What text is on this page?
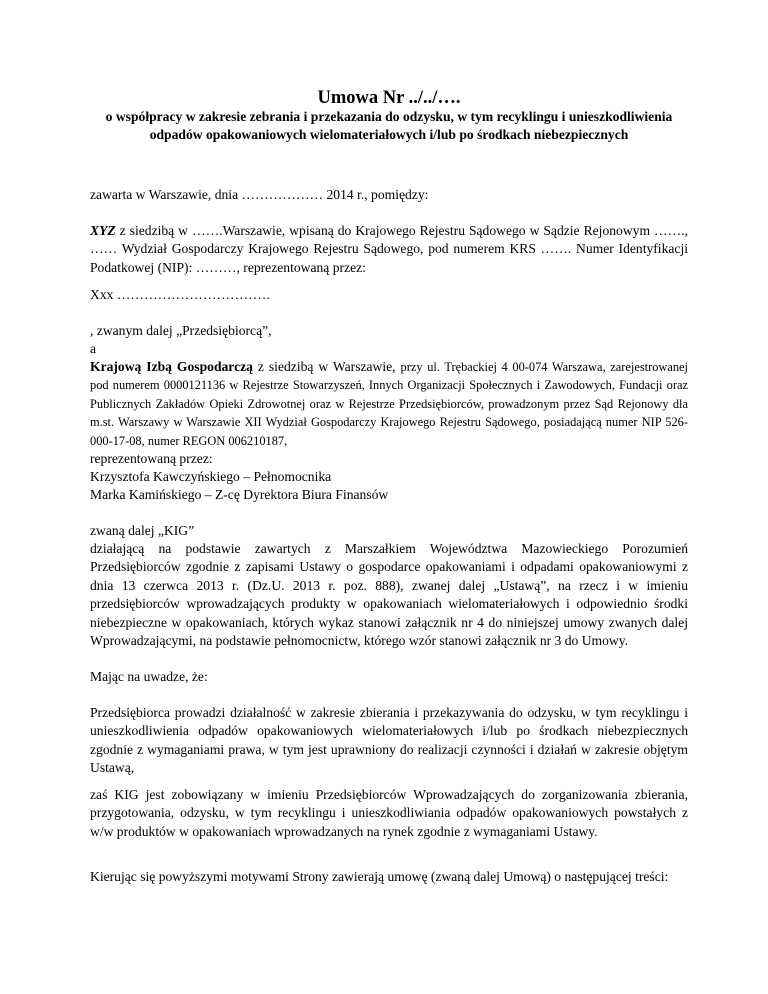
Umowa Nr ../../….
o współpracy w zakresie zebrania i przekazania do odzysku, w tym recyklingu i unieszkodliwienia odpadów opakowaniowych wielomateriałowych i/lub po środkach niebezpiecznych
zawarta w Warszawie, dnia ……………… 2014 r., pomiędzy:
XYZ z siedzibą w …….Warszawie, wpisaną do Krajowego Rejestru Sądowego w Sądzie Rejonowym ……., …… Wydział Gospodarczy Krajowego Rejestru Sądowego, pod numerem KRS ……. Numer Identyfikacji Podatkowej (NIP): ………, reprezentowaną przez:
Xxx …………………………….
, zwanym dalej „Przedsiębiorcą”,
a
Krajową Izbą Gospodarczą z siedzibą w Warszawie, przy ul. Trębackiej 4 00-074 Warszawa, zarejestrowanej pod numerem 0000121136 w Rejestrze Stowarzyszeń, Innych Organizacji Społecznych i Zawodowych, Fundacji oraz Publicznych Zakładów Opieki Zdrowotnej oraz w Rejestrze Przedsiębiorców, prowadzonym przez Sąd Rejonowy dla m.st. Warszawy w Warszawie XII Wydział Gospodarczy Krajowego Rejestru Sądowego, posiadającą numer NIP 526-000-17-08, numer REGON 006210187,
reprezentowaną przez:
Krzysztofa Kawczyńskiego – Pełnomocnika
Marka Kamińskiego – Z-cę Dyrektora Biura Finansów
zwaną dalej „KIG”
działającą na podstawie zawartych z Marszałkiem Województwa Mazowieckiego Porozumień Przedsiębiorców zgodnie z zapisami Ustawy o gospodarce opakowaniami i odpadami opakowaniowymi z dnia 13 czerwca 2013 r. (Dz.U. 2013 r. poz. 888), zwanej dalej „Ustawą”, na rzecz i w imieniu przedsiębiorców wprowadzających produkty w opakowaniach wielomateriałowych i odpowiednio środki niebezpieczne w opakowaniach, których wykaz stanowi załącznik nr 4 do niniejszej umowy zwanych dalej Wprowadzającymi, na podstawie pełnomocnictw, którego wzór stanowi załącznik nr 3 do Umowy.
Mając na uwadze, że:
Przedsiębiorca prowadzi działalność w zakresie zbierania i przekazywania do odzysku, w tym recyklingu i unieszkodliwienia odpadów opakowaniowych wielomateriałowych i/lub po środkach niebezpiecznych zgodnie z wymaganiami prawa, w tym jest uprawniony do realizacji czynności i działań w zakresie objętym Ustawą,
zaś KIG jest zobowiązany w imieniu Przedsiębiorców Wprowadzających do zorganizowania zbierania, przygotowania, odzysku, w tym recyklingu i unieszkodliwiania odpadów opakowaniowych powstałych z w/w produktów w opakowaniach wprowadzanych na rynek zgodnie z wymaganiami Ustawy.
Kierując się powyższymi motywami Strony zawierają umowę (zwaną dalej Umową) o następującej treści:
